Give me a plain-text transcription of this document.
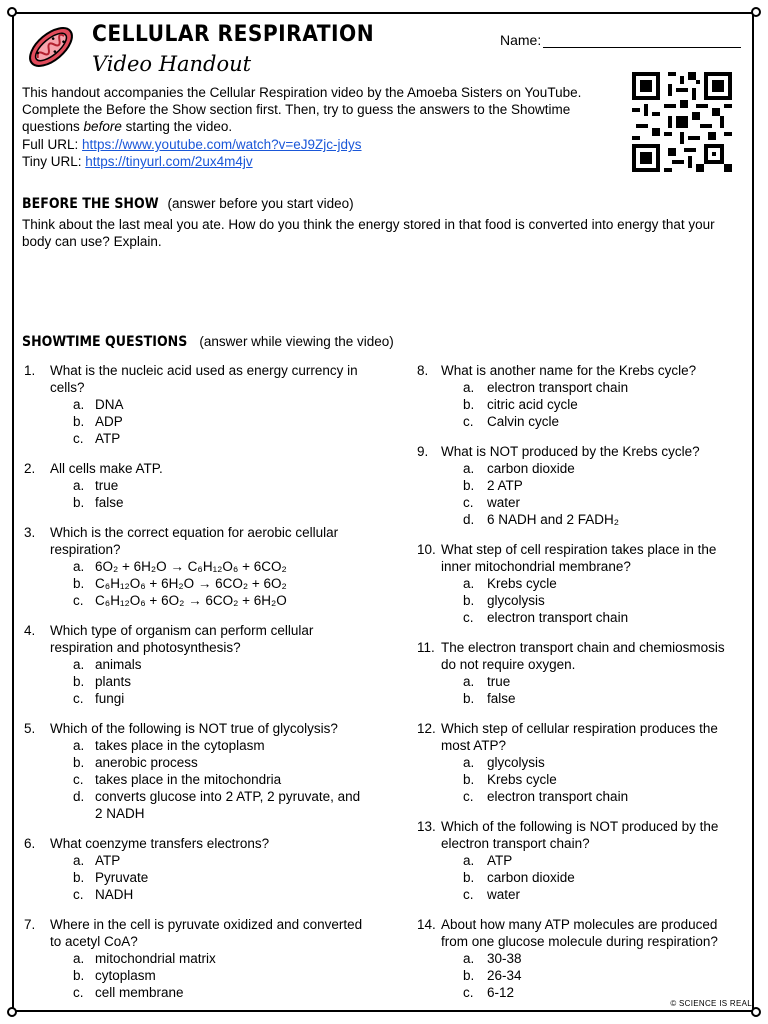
CELLULAR RESPIRATION
Video Handout
Name:
This handout accompanies the Cellular Respiration video by the Amoeba Sisters on YouTube. Complete the Before the Show section first. Then, try to guess the answers to the Showtime questions before starting the video.
Full URL: https://www.youtube.com/watch?v=eJ9Zjc-jdys
Tiny URL: https://tinyurl.com/2ux4m4jv
BEFORE THE SHOW (answer before you start video)
Think about the last meal you ate. How do you think the energy stored in that food is converted into energy that your body can use? Explain.
SHOWTIME QUESTIONS (answer while viewing the video)
1.	What is the nucleic acid used as energy currency in cells?
a. DNA
b. ADP
c. ATP
2.	All cells make ATP.
a. true
b. false
3.	Which is the correct equation for aerobic cellular respiration?
a. 6O₂ + 6H₂O → C₆H₁₂O₆ + 6CO₂
b. C₆H₁₂O₆ + 6H₂O → 6CO₂ + 6O₂
c. C₆H₁₂O₆ + 6O₂ → 6CO₂ + 6H₂O
4.	Which type of organism can perform cellular respiration and photosynthesis?
a. animals
b. plants
c. fungi
5.	Which of the following is NOT true of glycolysis?
a. takes place in the cytoplasm
b. anerobic process
c. takes place in the mitochondria
d. converts glucose into 2 ATP, 2 pyruvate, and 2 NADH
6.	What coenzyme transfers electrons?
a. ATP
b. Pyruvate
c. NADH
7.	Where in the cell is pyruvate oxidized and converted to acetyl CoA?
a. mitochondrial matrix
b. cytoplasm
c. cell membrane
8. What is another name for the Krebs cycle?
a. electron transport chain
b. citric acid cycle
c. Calvin cycle
9. What is NOT produced by the Krebs cycle?
a. carbon dioxide
b. 2 ATP
c. water
d. 6 NADH and 2 FADH₂
10. What step of cell respiration takes place in the inner mitochondrial membrane?
a. Krebs cycle
b. glycolysis
c. electron transport chain
11. The electron transport chain and chemiosmosis do not require oxygen.
a. true
b. false
12. Which step of cellular respiration produces the most ATP?
a. glycolysis
b. Krebs cycle
c. electron transport chain
13. Which of the following is NOT produced by the electron transport chain?
a. ATP
b. carbon dioxide
c. water
14. About how many ATP molecules are produced from one glucose molecule during respiration?
a. 30-38
b. 26-34
c. 6-12
© SCIENCE IS REAL
